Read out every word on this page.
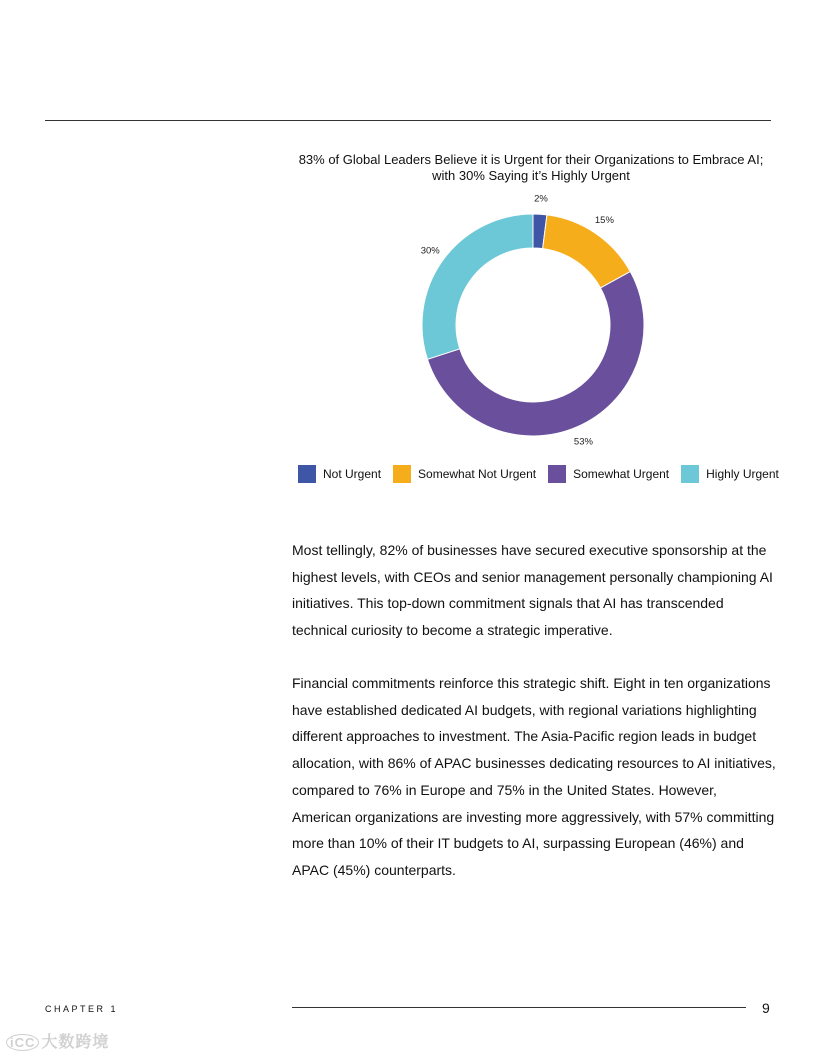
83% of Global Leaders Believe it is Urgent for their Organizations to Embrace AI;
with 30% Saying it’s Highly Urgent
2%
15%
53%
30%
Not Urgent	Somewhat Not Urgent	Somewhat Urgent	Highly Urgent

Most tellingly, 82% of businesses have secured executive sponsorship at the highest levels, with CEOs and senior management personally championing AI initiatives. This top-down commitment signals that AI has transcended technical curiosity to become a strategic imperative.

Financial commitments reinforce this strategic shift. Eight in ten organizations have established dedicated AI budgets, with regional variations highlighting different approaches to investment. The Asia-Pacific region leads in budget allocation, with 86% of APAC businesses dedicating resources to AI initiatives, compared to 76% in Europe and 75% in the United States. However, American organizations are investing more aggressively, with 57% committing more than 10% of their IT budgets to AI, surpassing European (46%) and APAC (45%) counterparts.

CHAPTER 1	9
iCC 大数跨境
